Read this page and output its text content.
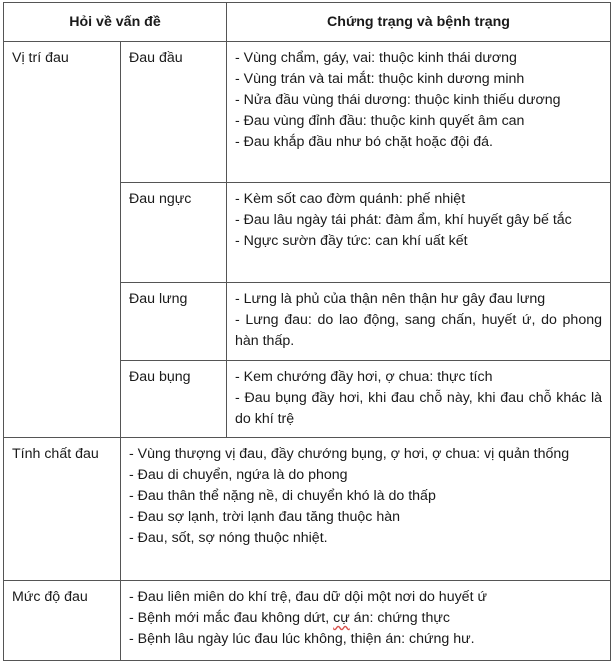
Hỏi về vấn đề		Chứng trạng và bệnh trạng
Vị trí đau	Đau đầu	- Vùng chẩm, gáy, vai: thuộc kinh thái dương
- Vùng trán và tai mắt: thuộc kinh dương minh
- Nửa đầu vùng thái dương: thuộc kinh thiếu dương
- Đau vùng đỉnh đầu: thuộc kinh quyết âm can
- Đau khắp đầu như bó chặt hoặc đội đá.

	Đau ngực	- Kèm sốt cao đờm quánh: phế nhiệt
- Đau lâu ngày tái phát: đàm ẩm, khí huyết gây bế tắc
- Ngực sườn đầy tức: can khí uất kết

	Đau lưng	- Lưng là phủ của thận nên thận hư gây đau lưng
- Lưng đau: do lao động, sang chấn, huyết ứ, do phong hàn thấp.

	Đau bụng	- Kem chướng đầy hơi, ợ chua: thực tích
- Đau bụng đầy hơi, khi đau chỗ này, khi đau chỗ khác là do khí trệ

Tính chất đau	- Vùng thượng vị đau, đầy chướng bụng, ợ hơi, ợ chua: vị quản thống
- Đau di chuyển, ngứa là do phong
- Đau thân thể nặng nề, di chuyển khó là do thấp
- Đau sợ lạnh, trời lạnh đau tăng thuộc hàn
- Đau, sốt, sợ nóng thuộc nhiệt.	

Mức độ đau	- Đau liên miên do khí trệ, đau dữ dội một nơi do huyết ứ
- Bệnh mới mắc đau không dứt, cự án: chứng thực
- Bệnh lâu ngày lúc đau lúc không, thiện án: chứng hư.	
